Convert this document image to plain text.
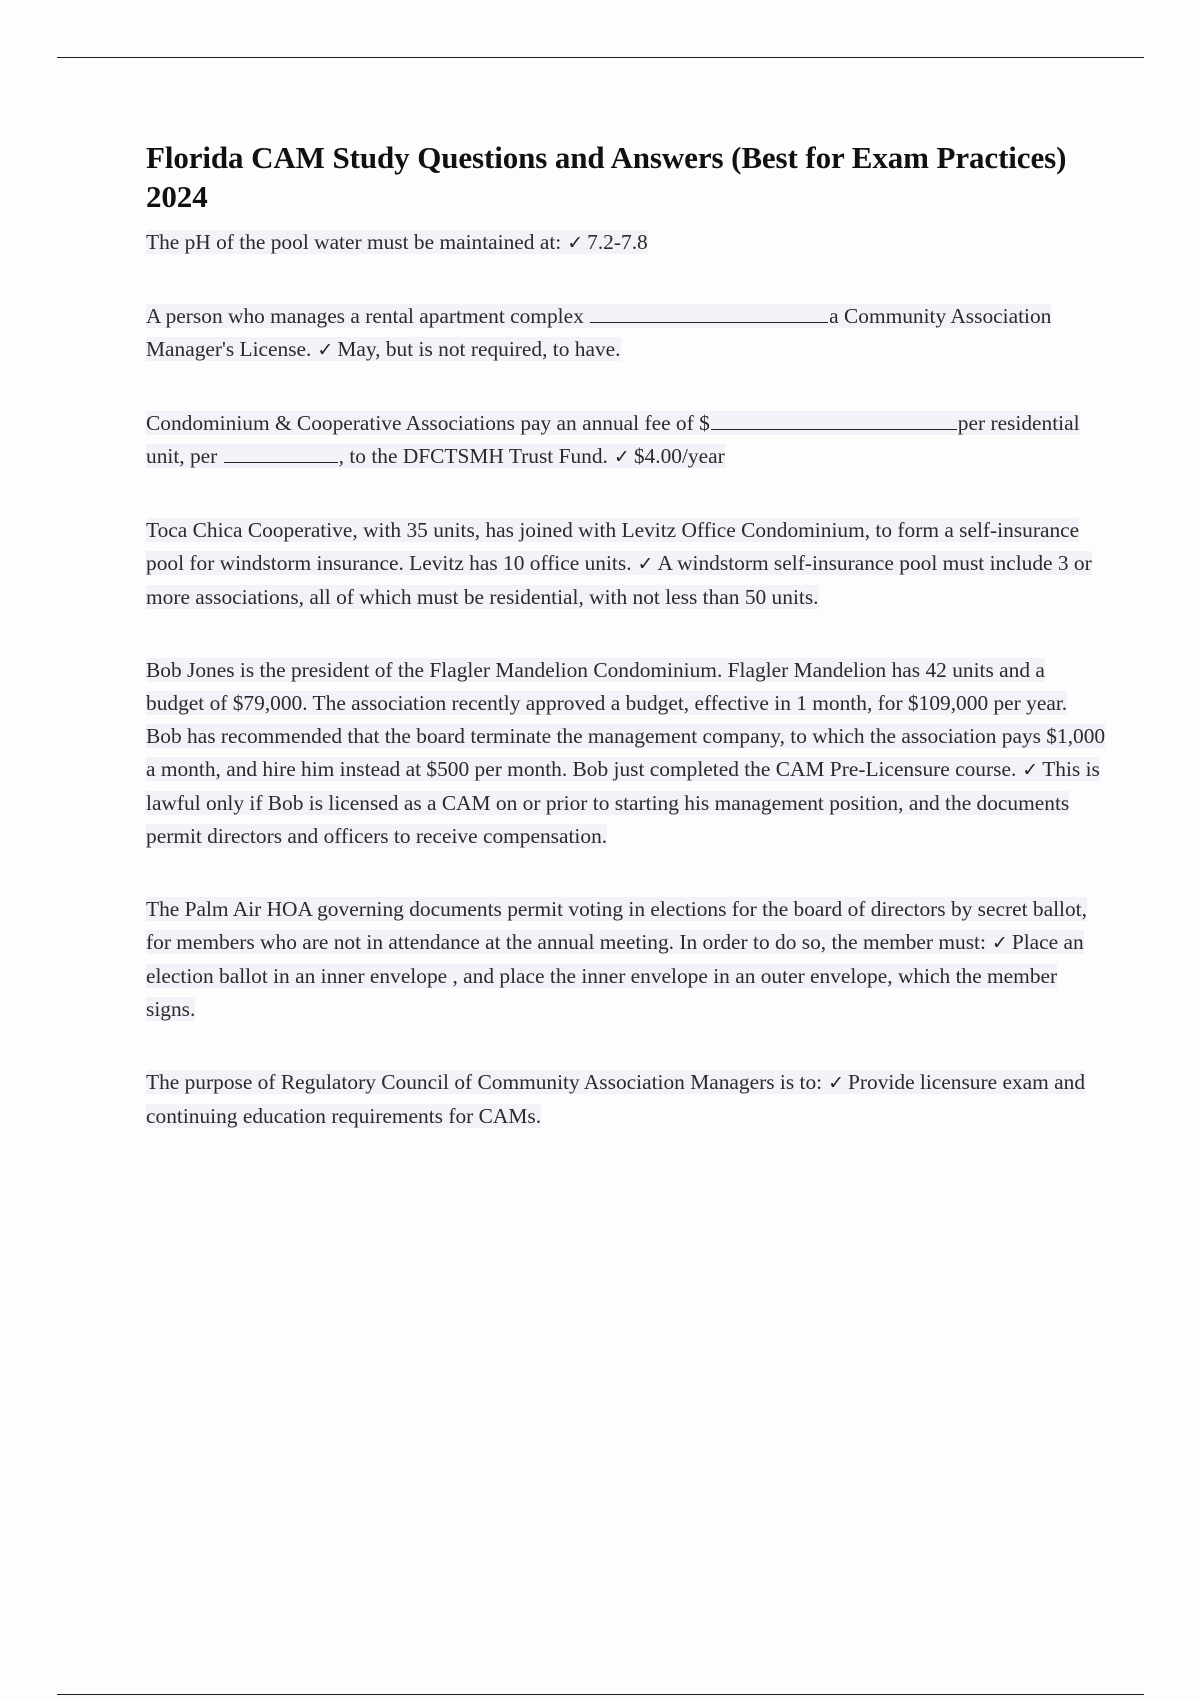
Florida CAM Study Questions and Answers (Best for Exam Practices) 2024

The pH of the pool water must be maintained at: ✓ 7.2-7.8

A person who manages a rental apartment complex	a Community Association Manager's License. ✓ May, but is not required, to have.

Condominium & Cooperative Associations pay an annual fee of $	per residential unit, per	, to the DFCTSMH Trust Fund. ✓ $4.00/year

Toca Chica Cooperative, with 35 units, has joined with Levitz Office Condominium, to form a self-insurance pool for windstorm insurance. Levitz has 10 office units. ✓ A windstorm self-insurance pool must include 3 or more associations, all of which must be residential, with not less than 50 units.

Bob Jones is the president of the Flagler Mandelion Condominium. Flagler Mandelion has 42 units and a budget of $79,000. The association recently approved a budget, effective in 1 month, for $109,000 per year. Bob has recommended that the board terminate the management company, to which the association pays $1,000 a month, and hire him instead at $500 per month. Bob just completed the CAM Pre-Licensure course. ✓ This is lawful only if Bob is licensed as a CAM on or prior to starting his management position, and the documents permit directors and officers to receive compensation.

The Palm Air HOA governing documents permit voting in elections for the board of directors by secret ballot, for members who are not in attendance at the annual meeting. In order to do so, the member must: ✓ Place an election ballot in an inner envelope , and place the inner envelope in an outer envelope, which the member signs.

The purpose of Regulatory Council of Community Association Managers is to: ✓ Provide licensure exam and continuing education requirements for CAMs.
